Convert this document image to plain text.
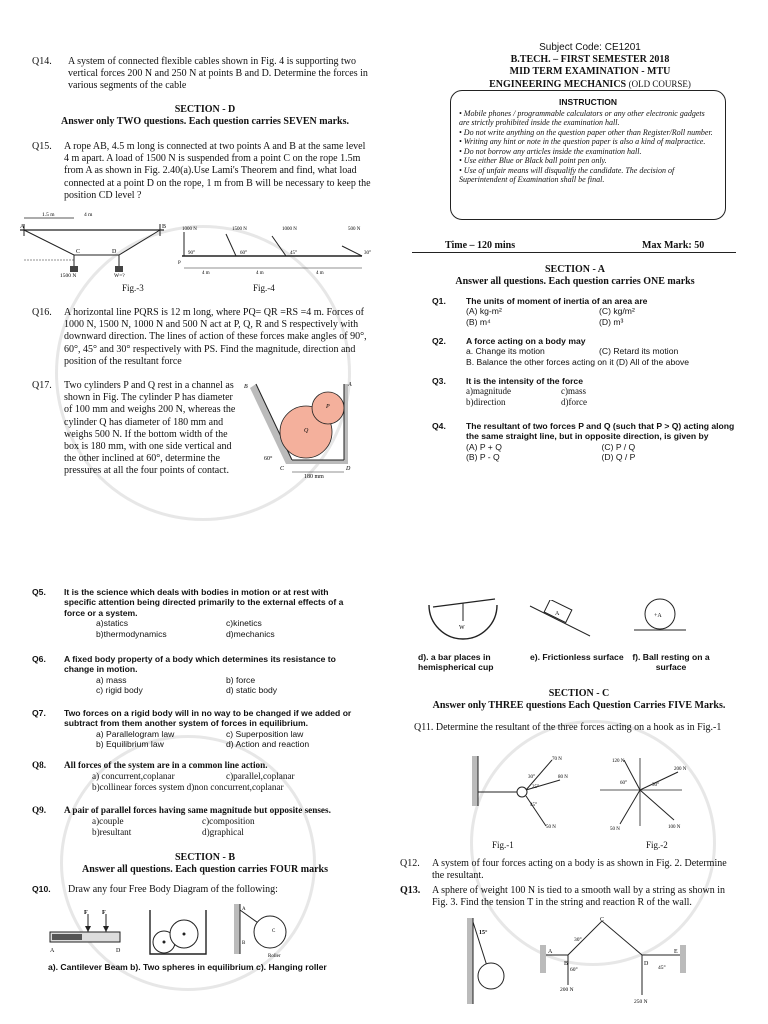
Subject Code: CE1201
B.TECH. – FIRST SEMESTER 2018
MID TERM EXAMINATION - MTU
ENGINEERING MECHANICS (OLD COURSE)
INSTRUCTION
• Mobile phones / programmable calculators or any other electronic gadgets are strictly prohibited inside the examination hall.
• Do not write anything on the question paper other than Register/Roll number.
• Writing any hint or note in the question paper is also a kind of malpractice.
• Do not borrow any articles inside the examination hall.
• Use either Blue or Black ball point pen only.
• Use of unfair means will disqualify the candidate. The decision of Superintendent of Examination shall be final.
Time – 120 mins	Max Mark: 50
SECTION - A
Answer all questions. Each question carries ONE marks
Q1. The units of moment of inertia of an area are
(A) kg-m²	(C) kg/m²
(B) m⁴	(D) m³
Q2. A force acting on a body may
a. Change its motion	(C) Retard its motion
B. Balance the other forces acting on it (D) All of the above
Q3. It is the intensity of the force
a)magnitude	c)mass
b)direction	d)force
Q4. The resultant of two forces P and Q (such that P > Q) acting along the same straight line, but in opposite direction, is given by
(A) P + Q	(C) P / Q
(B) P - Q	(D) Q / P
Q14. A system of connected flexible cables shown in Fig. 4 is supporting two vertical forces 200 N and 250 N at points B and D. Determine the forces in various segments of the cable
SECTION - D
Answer only TWO questions. Each question carries SEVEN marks.
Q15. A rope AB, 4.5 m long is connected at two points A and B at the same level 4 m apart. A load of 1500 N is suspended from a point C on the rope 1.5m from A as shown in Fig. 2.40(a).Use Lami's Theorem and find, what load connected at a point D on the rope, 1 m from B will be necessary to keep the position CD level ?
A	B
C	D
1500 N	W=?
1.5 m	4 m
1000 N	1500 N	1000 N	500 N
90°	60°	45°	30°
P
4 m	4 m	4 m
Fig.-3	Fig.-4
Q16. A horizontal line PQRS is 12 m long, where PQ= QR =RS =4 m. Forces of 1000 N, 1500 N, 1000 N and 500 N act at P, Q, R and S respectively with downward direction. The lines of action of these forces make angles of 90°, 60°, 45° and 30° respectively with PS. Find the magnitude, direction and position of the resultant force
Q17. Two cylinders P and Q rest in a channel as shown in Fig. The cylinder P has diameter of 100 mm and weighs 200 N, whereas the cylinder Q has diameter of 180 mm and weighs 500 N. If the bottom width of the box is 180 mm, with one side vertical and the other inclined at 60°, determine the pressures at all the four points of contact.
B	A
Q
P
60°
C	D
180 mm
Q5. It is the science which deals with bodies in motion or at rest with specific attention being directed primarily to the external effects of a force or a system.
a)statics	c)kinetics
b)thermodynamics	d)mechanics
Q6. A fixed body property of a body which determines its resistance to change in motion.
a) mass	b) force
c) rigid body	d) static body
Q7. Two forces on a rigid body will in no way to be changed if we added or subtract from them another system of forces in equilibrium.
a) Parallelogram law	c) Superposition law
b) Equilibrium law	d) Action and reaction
Q8. All forces of the system are in a common line action.
a) concurrent,coplanar	c)parallel,coplanar
b)collinear forces system d)non concurrent,coplanar
Q9. A pair of parallel forces having same magnitude but opposite senses.
a)couple	c)composition
b)resultant	d)graphical
SECTION - B
Answer all questions. Each question carries FOUR marks
Q10. Draw any four Free Body Diagram of the following:
F F
A	D
A
B
C
Roller
a). Cantilever Beam b). Two spheres in equilibrium c). Hanging roller
W
A	+A
d). a bar places in hemispherical cup
e). Frictionless surface	f). Ball resting on a surface
SECTION - C
Answer only THREE questions Each Question Carries FIVE Marks.
Q11. Determine the resultant of the three forces acting on a hook as in Fig.-1
70 N
80 N
50 N
30°
25°
45°
120 N
200 N
50 N	100 N
60°	30°
Fig.-1	Fig.-2
Q12. A system of four forces acting on a body is as shown in Fig. 2. Determine the resultant.
Q13. A sphere of weight 100 N is tied to a smooth wall by a string as shown in Fig. 3. Find the tension T in the string and reaction R of the wall.
15°
A
B
C
D
E
200 N
250 N
30°
60°	45°
